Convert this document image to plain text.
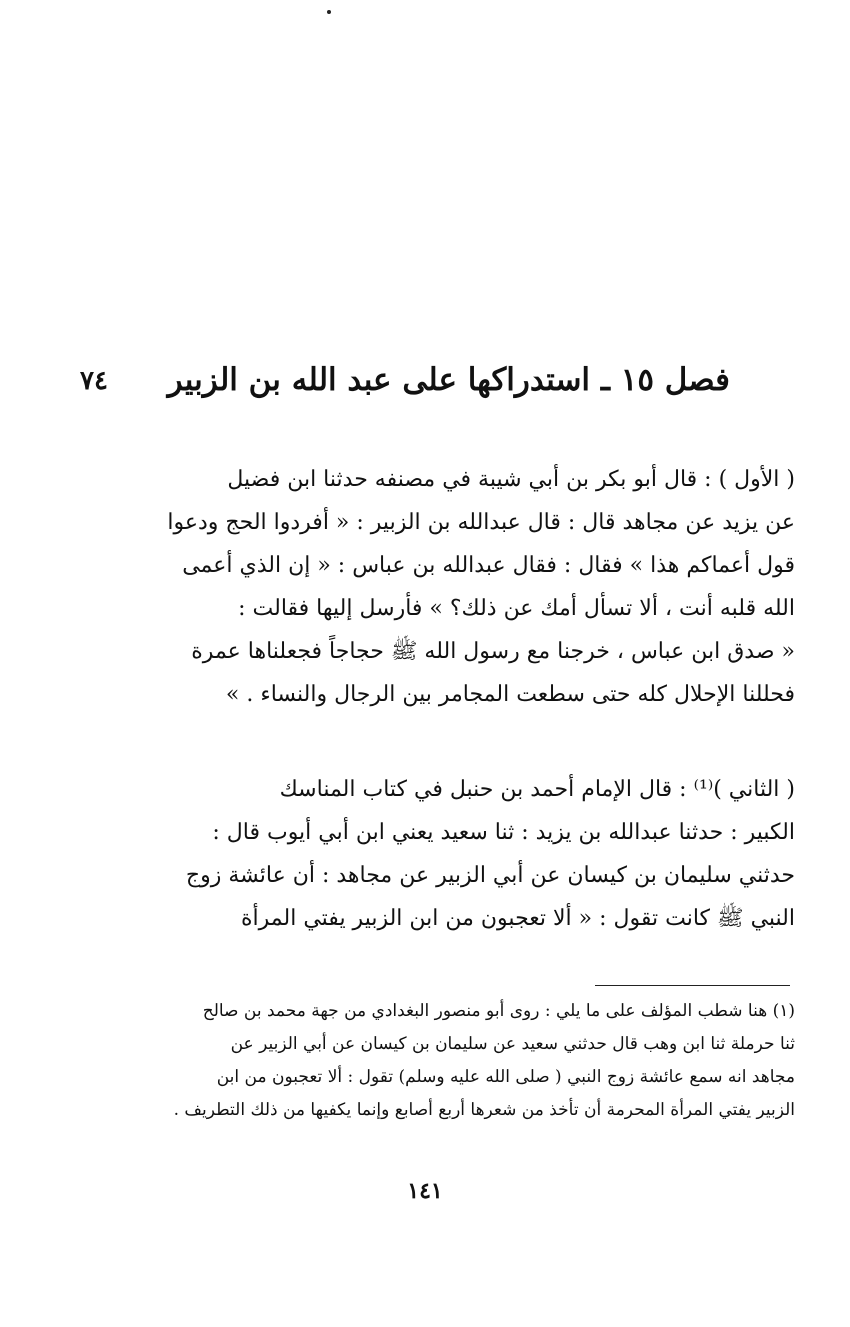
فصل ١٥ ـ استدراكها على عبد الله بن الزبير
٧٤
( الأول ) : قال أبو بكر بن أبي شيبة في مصنفه حدثنا ابن فضيل
عن يزيد عن مجاهد قال : قال عبدالله بن الزبير : « أفردوا الحج ودعوا
قول أعماكم هذا » فقال : فقال عبدالله بن عباس : « إن الذي أعمى
الله قلبه أنت ، ألا تسأل أمك عن ذلك؟ » فأرسل إليها فقالت :
« صدق ابن عباس ، خرجنا مع رسول الله ﷺ حجاجاً فجعلناها عمرة
فحللنا الإحلال كله حتى سطعت المجامر بين الرجال والنساء . »
( الثاني )⁽¹⁾ : قال الإمام أحمد بن حنبل في كتاب المناسك
الكبير : حدثنا عبدالله بن يزيد : ثنا سعيد يعني ابن أبي أيوب قال :
حدثني سليمان بن كيسان عن أبي الزبير عن مجاهد : أن عائشة زوج
النبي ﷺ كانت تقول : « ألا تعجبون من ابن الزبير يفتي المرأة
(١) هنا شطب المؤلف على ما يلي : روى أبو منصور البغدادي من جهة محمد بن صالح
ثنا حرملة ثنا ابن وهب قال حدثني سعيد عن سليمان بن كيسان عن أبي الزبير عن
مجاهد انه سمع عائشة زوج النبي ( صلى الله عليه وسلم) تقول : ألا تعجبون من ابن
الزبير يفتي المرأة المحرمة أن تأخذ من شعرها أربع أصابع وإنما يكفيها من ذلك التطريف .
١٤١
